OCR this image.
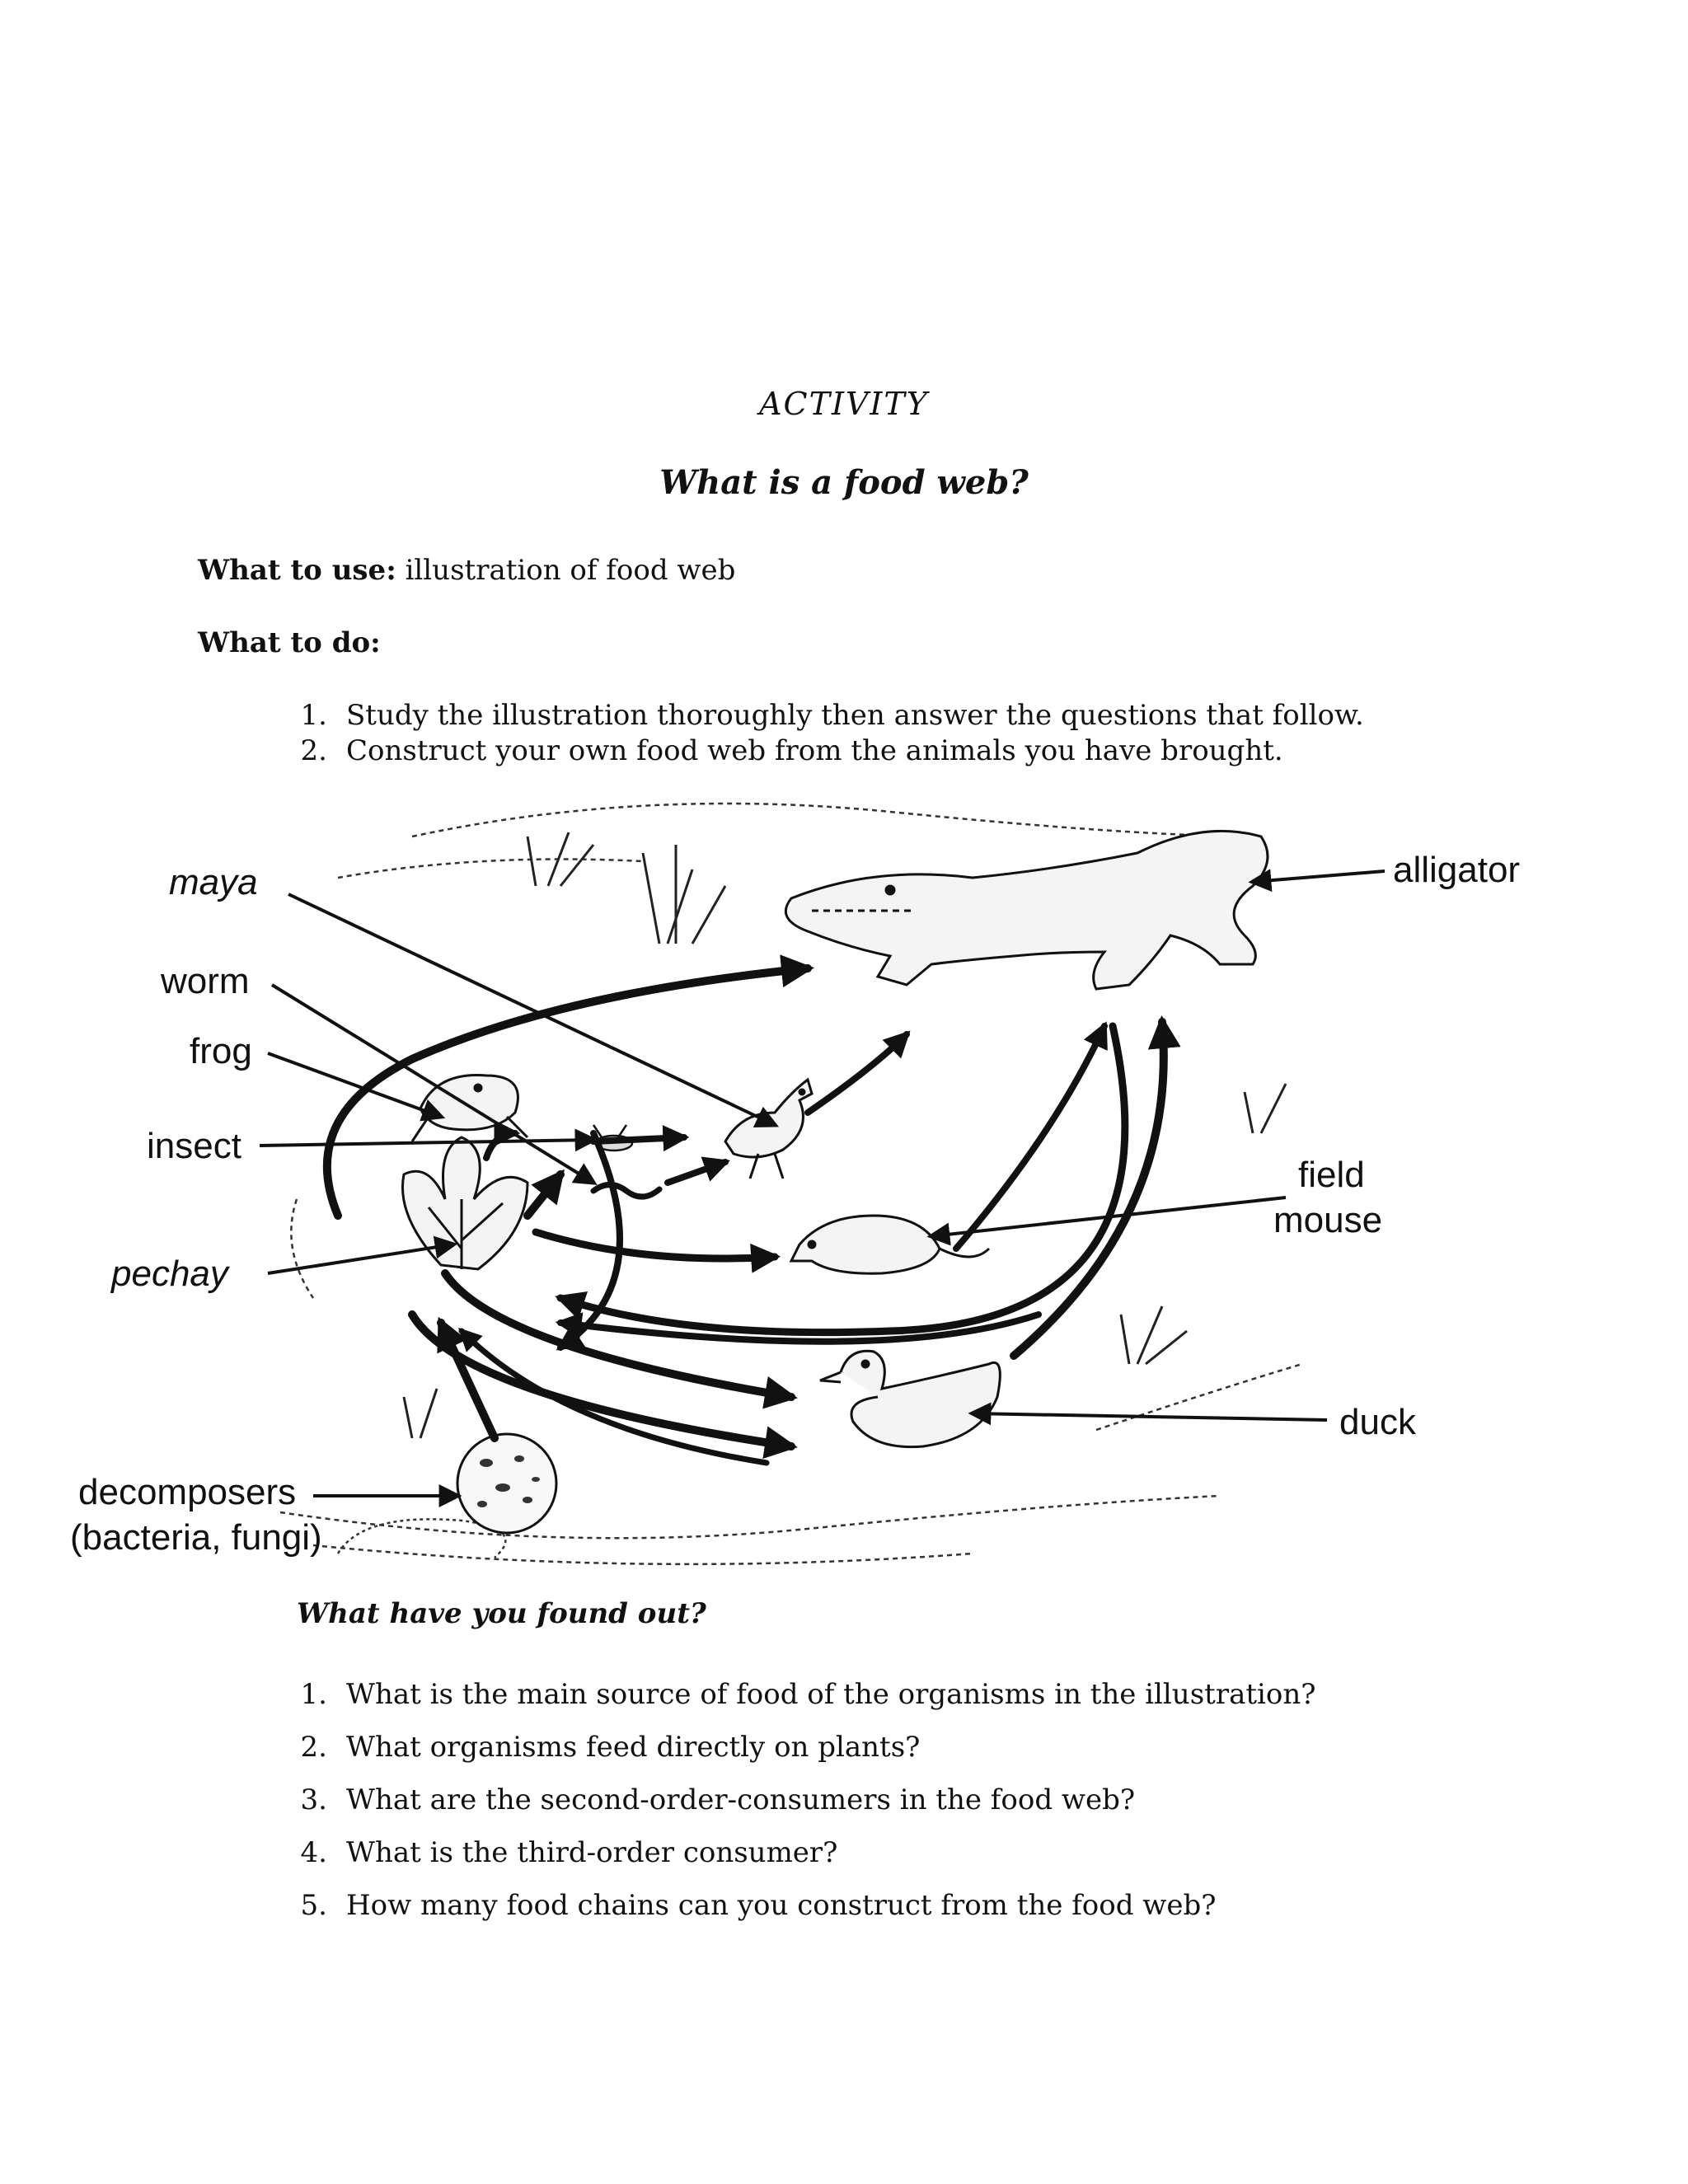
ACTIVITY
What is a food web?
What to use: illustration of food web
What to do:
1. Study the illustration thoroughly then answer the questions that follow.
2. Construct your own food web from the animals you have brought.
maya
worm
frog
insect
pechay
decomposers
(bacteria, fungi)
alligator
field
mouse
duck
What have you found out?
1. What is the main source of food of the organisms in the illustration?
2. What organisms feed directly on plants?
3. What are the second-order-consumers in the food web?
4. What is the third-order consumer?
5. How many food chains can you construct from the food web?
